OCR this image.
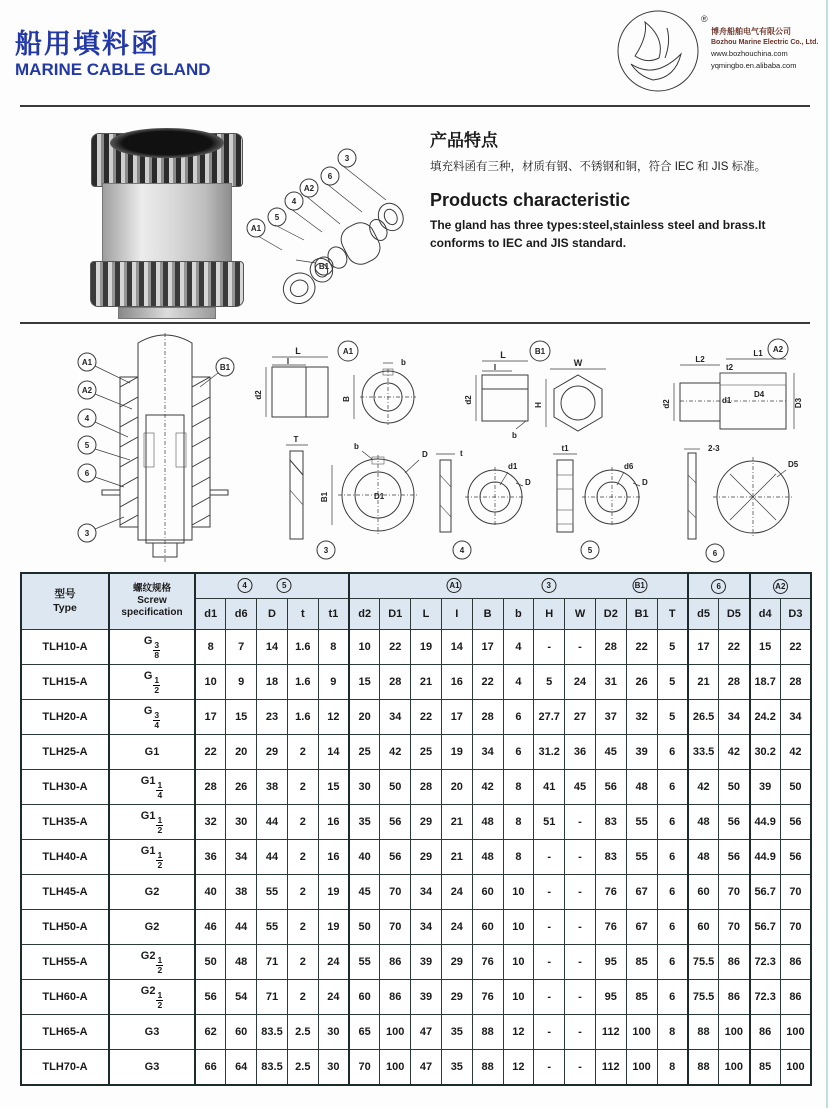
船用填料函
MARINE CABLE GLAND
®
博舟船舶电气有限公司
Bozhou Marine Electric Co., Ltd.
www.bozhouchina.com
yqmingbo.en.alibaba.com
3
6
A2
4
5
A1
B1
产品特点
填充料函有三种，材质有钢、不锈钢和铜，符合 IEC 和 JIS 标准。
Products characteristic
The gland has three types:steel,stainless steel and brass.It conforms to IEC and JIS standard.
A1
A2
4
5
6
3
B1
A1
L
I
d2
b
B
T
b
D
B1	D1
3
B1
L
I
d2
b
W
H
t
d1
D
4
t1
d6
D
5
A2
L2
L1
t2
d2	d1
D4
D3
2-3
D5
6
型号
Type	螺纹规格
Screw
specification	4 5					A1 3 B1											6		A2	
		d1	d6	D	t	t1	d2	D1	L	I	B	b	H	W	D2	B1	T	d5	D5	d4	D3
TLH10-A	G $\frac{3}{8}$	8	7	14	1.6	8	10	22	19	14	17	4	-	-	28	22	5	17	22	15	22
TLH15-A	G $\frac{1}{2}$	10	9	18	1.6	9	15	28	21	16	22	4	5	24	31	26	5	21	28	18.7	28
TLH20-A	G $\frac{3}{4}$	17	15	23	1.6	12	20	34	22	17	28	6	27.7	27	37	32	5	26.5	34	24.2	34
TLH25-A	G1	22	20	29	2	14	25	42	25	19	34	6	31.2	36	45	39	6	33.5	42	30.2	42
TLH30-A	$G1 \frac{1}{4}$	28	26	38	2	15	30	50	28	20	42	8	41	45	56	48	6	42	50	39	50
TLH35-A	$G1 \frac{1}{2}$	32	30	44	2	16	35	56	29	21	48	8	51	-	83	55	6	48	56	44.9	56
TLH40-A	$G1 \frac{1}{2}$	36	34	44	2	16	40	56	29	21	48	8	-	-	83	55	6	48	56	44.9	56
TLH45-A	G2	40	38	55	2	19	45	70	34	24	60	10	-	-	76	67	6	60	70	56.7	70
TLH50-A	G2	46	44	55	2	19	50	70	34	24	60	10	-	-	76	67	6	60	70	56.7	70
TLH55-A	$G2 \frac{1}{2}$	50	48	71	2	24	55	86	39	29	76	10	-	-	95	85	6	75.5	86	72.3	86
TLH60-A	$G2 \frac{1}{2}$	56	54	71	2	24	60	86	39	29	76	10	-	-	95	85	6	75.5	86	72.3	86
TLH65-A	G3	62	60	83.5	2.5	30	65	100	47	35	88	12	-	-	112	100	8	88	100	86	100
TLH70-A	G3	66	64	83.5	2.5	30	70	100	47	35	88	12	-	-	112	100	8	88	100	85	100
